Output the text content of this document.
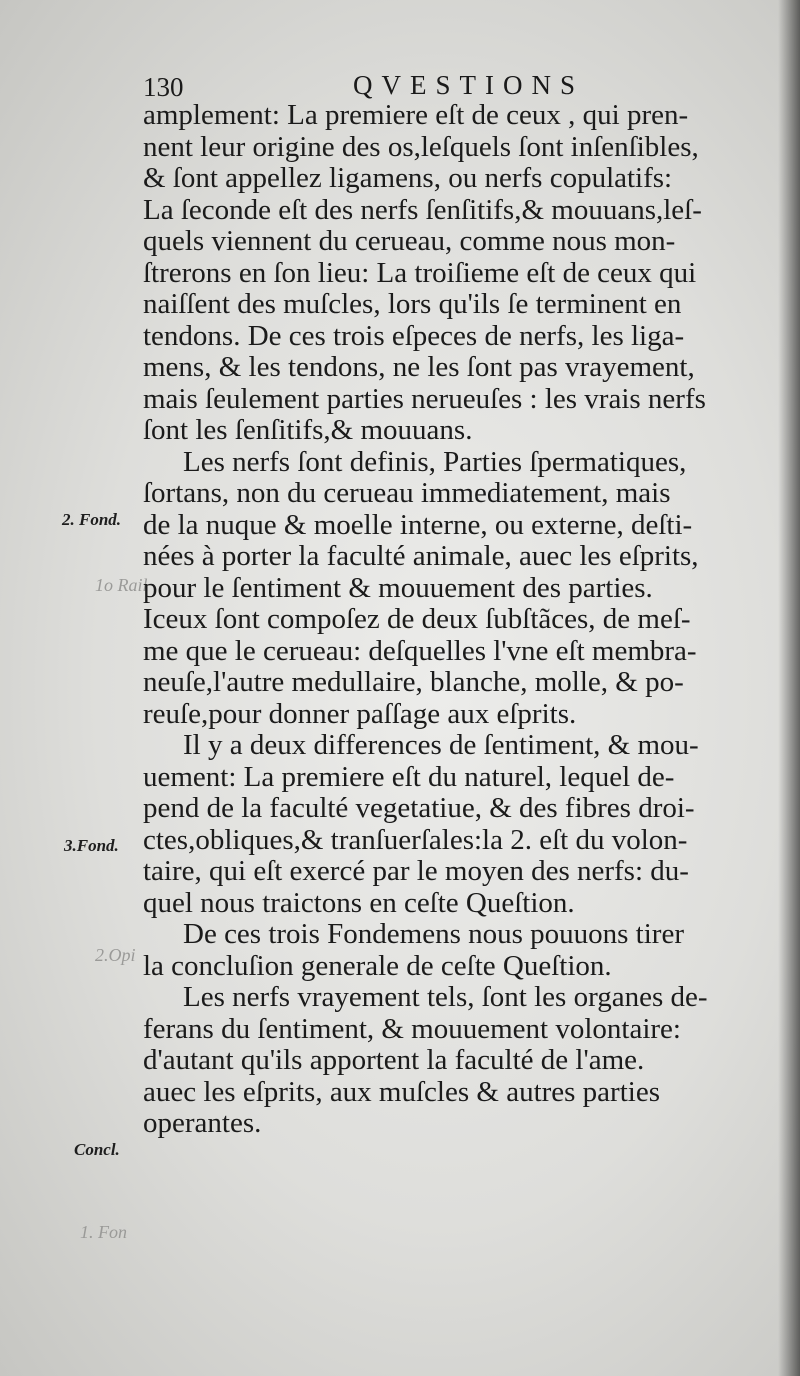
130	QVESTIONS
2. Fond.
3.Fond.
Concl.
1o Rail
2.Opi
1. Fon
amplement: La premiere eſt de ceux , qui pren-
nent leur origine des os,leſquels ſont inſenſibles,
& ſont appellez ligamens, ou nerfs copulatifs:
La ſeconde eſt des nerfs ſenſitifs,& mouuans,leſ-
quels viennent du cerueau, comme nous mon-
ſtrerons en ſon lieu: La troiſieme eſt de ceux qui
naiſſent des muſcles, lors qu'ils ſe terminent en
tendons. De ces trois eſpeces de nerfs, les liga-
mens, & les tendons, ne les ſont pas vrayement,
mais ſeulement parties nerueuſes : les vrais nerfs
ſont les ſenſitifs,& mouuans.
Les nerfs ſont definis, Parties ſpermatiques,
ſortans, non du cerueau immediatement, mais
de la nuque & moelle interne, ou externe, deſti-
nées à porter la faculté animale, auec les eſprits,
pour le ſentiment & mouuement des parties.
Iceux ſont compoſez de deux ſubſtãces, de meſ-
me que le cerueau: deſquelles l'vne eſt membra-
neuſe,l'autre medullaire, blanche, molle, & po-
reuſe,pour donner paſſage aux eſprits.
Il y a deux differences de ſentiment, & mou-
uement: La premiere eſt du naturel, lequel de-
pend de la faculté vegetatiue, & des fibres droi-
ctes,obliques,& tranſuerſales:la 2. eſt du volon-
taire, qui eſt exercé par le moyen des nerfs: du-
quel nous traictons en ceſte Queſtion.
De ces trois Fondemens nous pouuons tirer
la concluſion generale de ceſte Queſtion.
Les nerfs vrayement tels, ſont les organes de-
ferans du ſentiment, & mouuement volontaire:
d'autant qu'ils apportent la faculté de l'ame.
auec les eſprits, aux muſcles & autres parties
operantes.
